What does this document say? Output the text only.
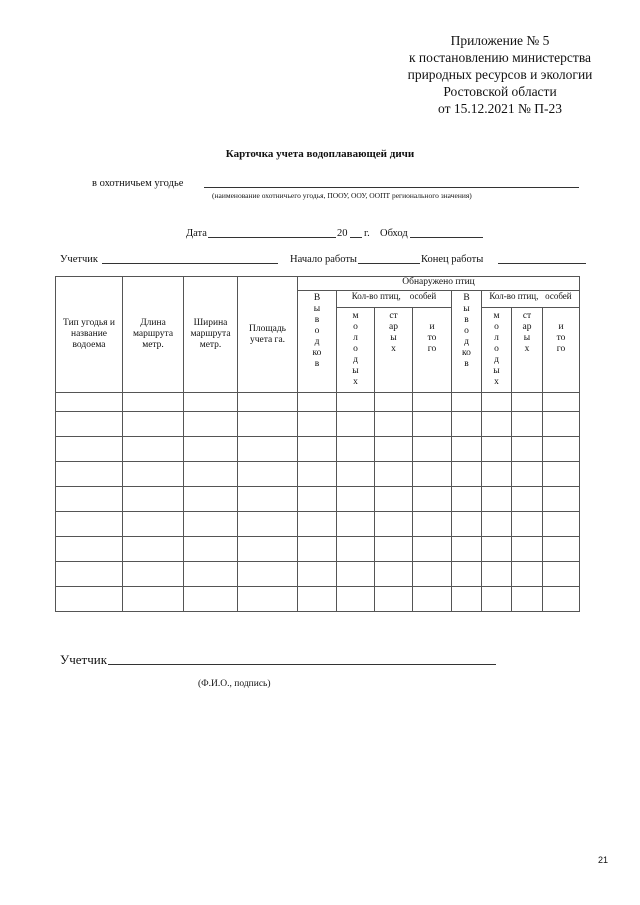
Приложение № 5
к постановлению министерства
природных ресурсов и экологии
Ростовской области
от 15.12.2021 № П-23
Карточка учета водоплавающей дичи
в охотничьем угодье
(наименование охотничьего угодья, ПООУ, ООУ, ООПТ регионального значения)
Дата	20 г. Обход
Учетчик	Начало работы	Конец работы
Тип угодья и название водоема	Длина маршрута метр.	Ширина маршрута метр.	Площадь учета га.	Обнаружено птиц							
				Выводков	Кол-во птиц, особей			Выводков	Кол-во птиц, особей		
					молодых	старых	итого		молодых	старых	итого

Учетчик
(Ф.И.О., подпись)
21
